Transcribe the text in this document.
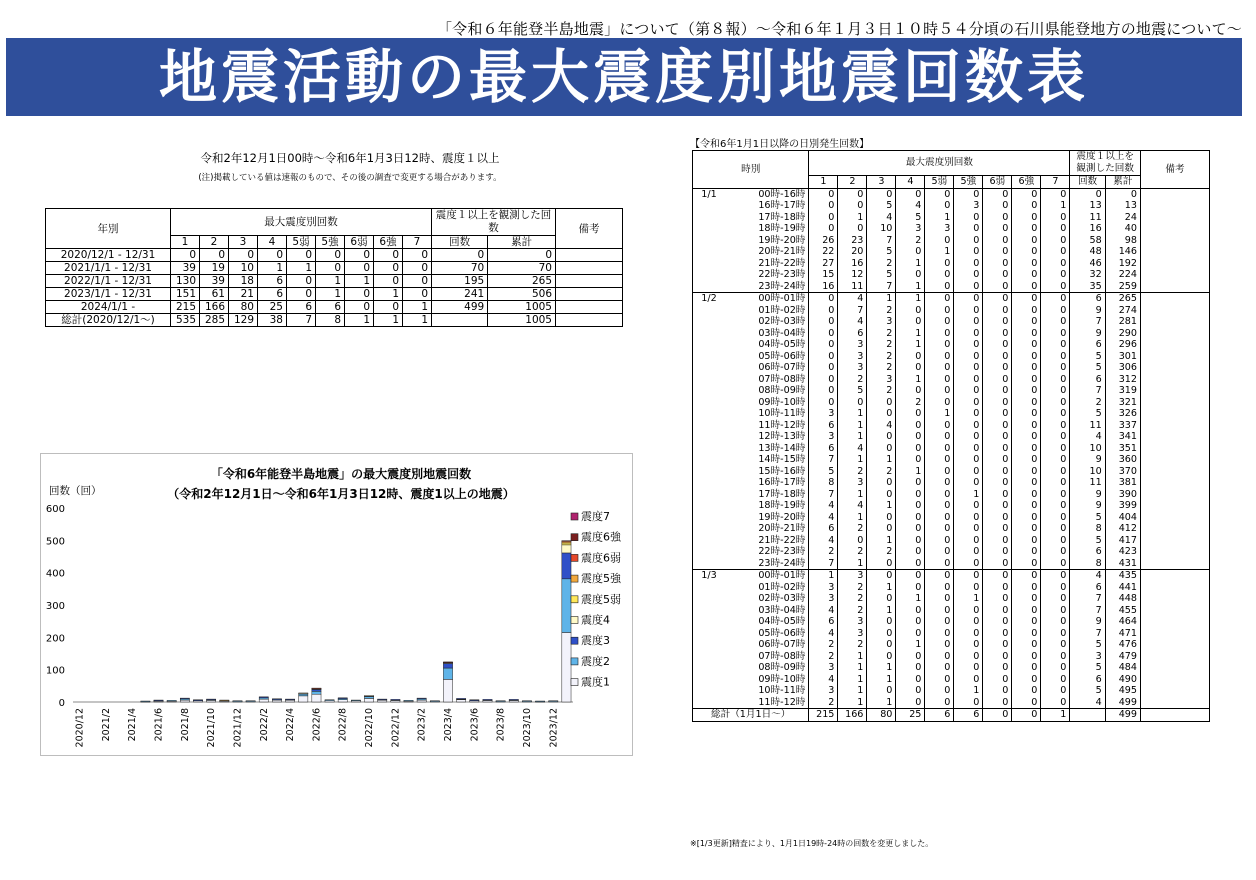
「令和６年能登半島地震」について（第８報）～令和６年１月３日１０時５４分頃の石川県能登地方の地震について～
地震活動の最大震度別地震回数表
令和2年12月1日00時～令和6年1月3日12時、震度１以上
(注)掲載している値は速報のもので、その後の調査で変更する場合があります。
年別	最大震度別回数									震度１以上を観測した回数		備考
	1	2	3	4	5弱	5強	6弱	6強	7	回数	累計	
2020/12/1 - 12/31	0	0	0	0	0	0	0	0	0	0	0	
2021/1/1 - 12/31	39	19	10	1	1	0	0	0	0	70	70	
2022/1/1 - 12/31	130	39	18	6	0	1	1	0	0	195	265	
2023/1/1 - 12/31	151	61	21	6	0	1	0	1	0	241	506	
2024/1/1 -	215	166	80	25	6	6	0	0	1	499	1005	
総計(2020/12/1～)	535	285	129	38	7	8	1	1	1		1005	
「令和6年能登半島地震」の最大震度別地震回数
（令和2年12月1日～令和6年1月3日12時、震度1以上の地震）
回数（回）
0
100
200
300
400
500
600
2020/12 2021/2 2021/4 2021/6 2021/8 2021/10 2021/12 2022/2 2022/4 2022/6 2022/8 2022/10 2022/12 2023/2 2023/4 2023/6 2023/8 2023/10 2023/12
震度7
震度6強
震度6弱
震度5強
震度5弱
震度4
震度3
震度2
震度1
【令和6年1月1日以降の日別発生回数】
時別		最大震度別回数									震度１以上を観測した回数		備考
		1	2	3	4	5弱	5強	6弱	6強	7	回数	累計	
1/1	00時-16時	0	0	0	0	0	0	0	0	0	0	0	
	16時-17時	0	0	5	4	0	3	0	0	1	13	13	
	17時-18時	0	1	4	5	1	0	0	0	0	11	24	
	18時-19時	0	0	10	3	3	0	0	0	0	16	40	
	19時-20時	26	23	7	2	0	0	0	0	0	58	98	
	20時-21時	22	20	5	0	1	0	0	0	0	48	146	
	21時-22時	27	16	2	1	0	0	0	0	0	46	192	
	22時-23時	15	12	5	0	0	0	0	0	0	32	224	
	23時-24時	16	11	7	1	0	0	0	0	0	35	259	
1/2	00時-01時	0	4	1	1	0	0	0	0	0	6	265	
	01時-02時	0	7	2	0	0	0	0	0	0	9	274	
	02時-03時	0	4	3	0	0	0	0	0	0	7	281	
	03時-04時	0	6	2	1	0	0	0	0	0	9	290	
	04時-05時	0	3	2	1	0	0	0	0	0	6	296	
	05時-06時	0	3	2	0	0	0	0	0	0	5	301	
	06時-07時	0	3	2	0	0	0	0	0	0	5	306	
	07時-08時	0	2	3	1	0	0	0	0	0	6	312	
	08時-09時	0	5	2	0	0	0	0	0	0	7	319	
	09時-10時	0	0	0	2	0	0	0	0	0	2	321	
	10時-11時	3	1	0	0	1	0	0	0	0	5	326	
	11時-12時	6	1	4	0	0	0	0	0	0	11	337	
	12時-13時	3	1	0	0	0	0	0	0	0	4	341	
	13時-14時	6	4	0	0	0	0	0	0	0	10	351	
	14時-15時	7	1	1	0	0	0	0	0	0	9	360	
	15時-16時	5	2	2	1	0	0	0	0	0	10	370	
	16時-17時	8	3	0	0	0	0	0	0	0	11	381	
	17時-18時	7	1	0	0	0	1	0	0	0	9	390	
	18時-19時	4	4	1	0	0	0	0	0	0	9	399	
	19時-20時	4	1	0	0	0	0	0	0	0	5	404	
	20時-21時	6	2	0	0	0	0	0	0	0	8	412	
	21時-22時	4	0	1	0	0	0	0	0	0	5	417	
	22時-23時	2	2	2	0	0	0	0	0	0	6	423	
	23時-24時	7	1	0	0	0	0	0	0	0	8	431	
1/3	00時-01時	1	3	0	0	0	0	0	0	0	4	435	
	01時-02時	3	2	1	0	0	0	0	0	0	6	441	
	02時-03時	3	2	0	1	0	1	0	0	0	7	448	
	03時-04時	4	2	1	0	0	0	0	0	0	7	455	
	04時-05時	6	3	0	0	0	0	0	0	0	9	464	
	05時-06時	4	3	0	0	0	0	0	0	0	7	471	
	06時-07時	2	2	0	1	0	0	0	0	0	5	476	
	07時-08時	2	1	0	0	0	0	0	0	0	3	479	
	08時-09時	3	1	1	0	0	0	0	0	0	5	484	
	09時-10時	4	1	1	0	0	0	0	0	0	6	490	
	10時-11時	3	1	0	0	0	1	0	0	0	5	495	
	11時-12時	2	1	1	0	0	0	0	0	0	4	499	
総計（1月1日～）		215	166	80	25	6	6	0	0	1		499	
※[1/3更新]精査により、1月1日19時-24時の回数を変更しました。
